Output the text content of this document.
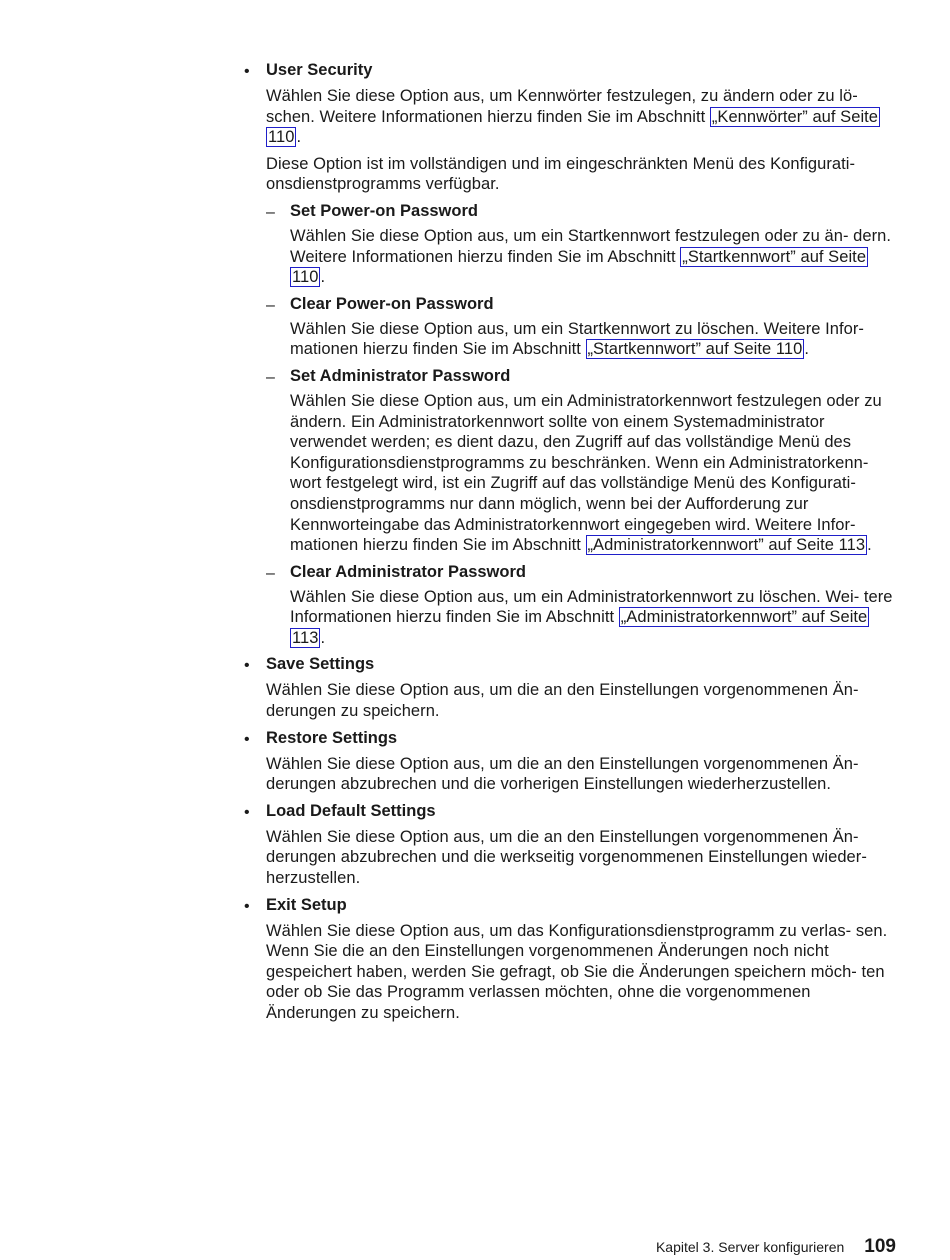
• User Security

Wählen Sie diese Option aus, um Kennwörter festzulegen, zu ändern oder zu lö- schen. Weitere Informationen hierzu finden Sie im Abschnitt „Kennwörter” auf Seite 110 .

Diese Option ist im vollständigen und im eingeschränkten Menü des Konfigurati- onsdienstprogramms verfügbar.

– Set Power-on Password

Wählen Sie diese Option aus, um ein Startkennwort festzulegen oder zu än- dern. Weitere Informationen hierzu finden Sie im Abschnitt „Startkennwort” auf Seite 110 .

– Clear Power-on Password

Wählen Sie diese Option aus, um ein Startkennwort zu löschen. Weitere Infor- mationen hierzu finden Sie im Abschnitt „Startkennwort” auf Seite 110 .

– Set Administrator Password

Wählen Sie diese Option aus, um ein Administratorkennwort festzulegen oder zu ändern. Ein Administratorkennwort sollte von einem Systemadministrator verwendet werden; es dient dazu, den Zugriff auf das vollständige Menü des Konfigurationsdienstprogramms zu beschränken. Wenn ein Administratorkenn- wort festgelegt wird, ist ein Zugriff auf das vollständige Menü des Konfigurati- onsdienstprogramms nur dann möglich, wenn bei der Aufforderung zur Kennworteingabe das Administratorkennwort eingegeben wird. Weitere Infor- mationen hierzu finden Sie im Abschnitt „Administratorkennwort” auf Seite 113 .

– Clear Administrator Password

Wählen Sie diese Option aus, um ein Administratorkennwort zu löschen. Wei- tere Informationen hierzu finden Sie im Abschnitt „Administratorkennwort” auf Seite 113 .

• Save Settings

Wählen Sie diese Option aus, um die an den Einstellungen vorgenommenen Än- derungen zu speichern.

• Restore Settings

Wählen Sie diese Option aus, um die an den Einstellungen vorgenommenen Än- derungen abzubrechen und die vorherigen Einstellungen wiederherzustellen.

• Load Default Settings

Wählen Sie diese Option aus, um die an den Einstellungen vorgenommenen Än- derungen abzubrechen und die werkseitig vorgenommenen Einstellungen wieder- herzustellen.

• Exit Setup

Wählen Sie diese Option aus, um das Konfigurationsdienstprogramm zu verlas- sen. Wenn Sie die an den Einstellungen vorgenommenen Änderungen noch nicht gespeichert haben, werden Sie gefragt, ob Sie die Änderungen speichern möch- ten oder ob Sie das Programm verlassen möchten, ohne die vorgenommenen Änderungen zu speichern.

Kapitel 3. Server konfigurieren 109
